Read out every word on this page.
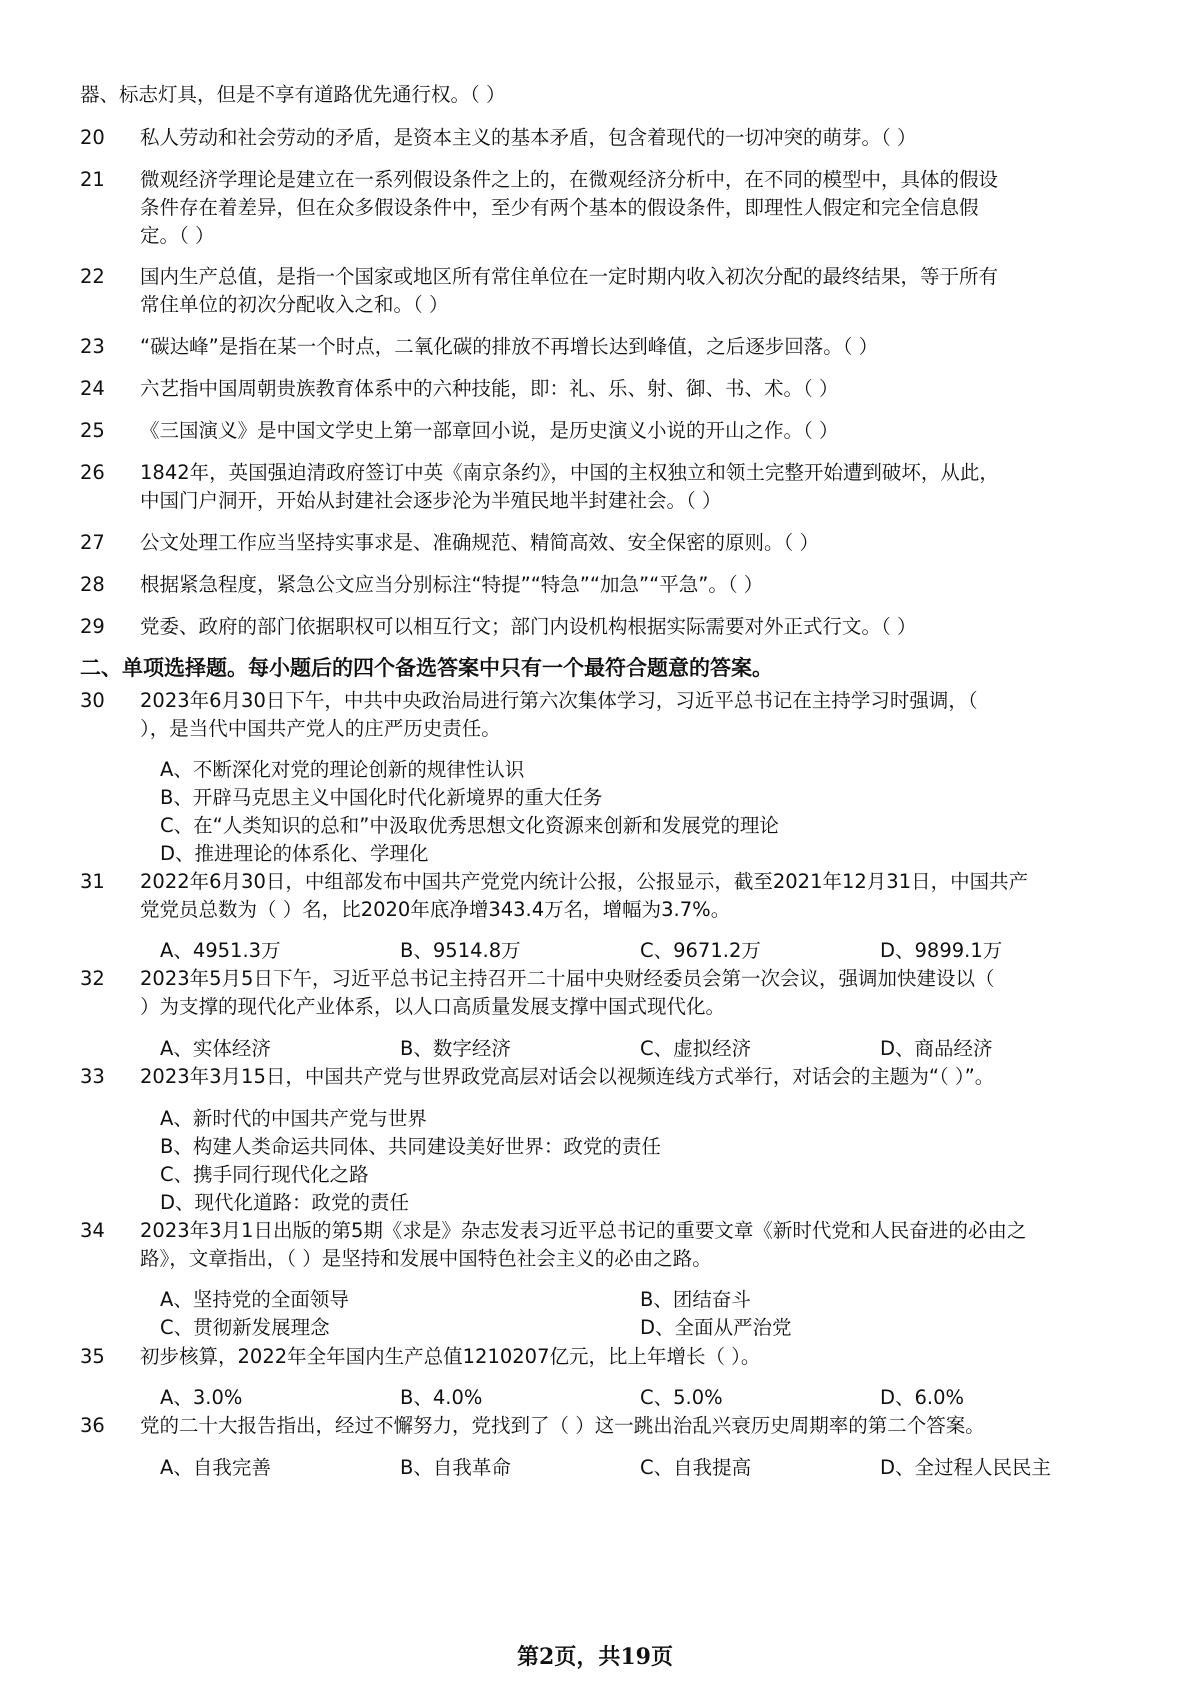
器、标志灯具，但是不享有道路优先通行权。（ ）
20 私人劳动和社会劳动的矛盾，是资本主义的基本矛盾，包含着现代的一切冲突的萌芽。（ ）
21 微观经济学理论是建立在一系列假设条件之上的，在微观经济分析中，在不同的模型中，具体的假设
条件存在着差异，但在众多假设条件中，至少有两个基本的假设条件，即理性人假定和完全信息假
定。（ ）
22 国内生产总值，是指一个国家或地区所有常住单位在一定时期内收入初次分配的最终结果，等于所有
常住单位的初次分配收入之和。（ ）
23 “碳达峰”是指在某一个时点，二氧化碳的排放不再增长达到峰值，之后逐步回落。（ ）
24 六艺指中国周朝贵族教育体系中的六种技能，即：礼、乐、射、御、书、术。（ ）
25 《三国演义》是中国文学史上第一部章回小说，是历史演义小说的开山之作。（ ）
26 1842年，英国强迫清政府签订中英《南京条约》，中国的主权独立和领土完整开始遭到破坏，从此，
中国门户洞开，开始从封建社会逐步沦为半殖民地半封建社会。（ ）
27 公文处理工作应当坚持实事求是、准确规范、精简高效、安全保密的原则。（ ）
28 根据紧急程度，紧急公文应当分别标注“特提”“特急”“加急”“平急”。（ ）
29 党委、政府的部门依据职权可以相互行文；部门内设机构根据实际需要对外正式行文。（ ）
二、单项选择题。每小题后的四个备选答案中只有一个最符合题意的答案。
30 2023年6月30日下午，中共中央政治局进行第六次集体学习，习近平总书记在主持学习时强调，（
），是当代中国共产党人的庄严历史责任。
A、不断深化对党的理论创新的规律性认识
B、开辟马克思主义中国化时代化新境界的重大任务
C、在“人类知识的总和”中汲取优秀思想文化资源来创新和发展党的理论
D、推进理论的体系化、学理化
31 2022年6月30日，中组部发布中国共产党党内统计公报，公报显示，截至2021年12月31日，中国共产
党党员总数为（ ）名，比2020年底净增343.4万名，增幅为3.7%。
A、4951.3万	B、9514.8万	C、9671.2万	D、9899.1万
32 2023年5月5日下午，习近平总书记主持召开二十届中央财经委员会第一次会议，强调加快建设以（
）为支撑的现代化产业体系，以人口高质量发展支撑中国式现代化。
A、实体经济	B、数字经济	C、虚拟经济	D、商品经济
33 2023年3月15日，中国共产党与世界政党高层对话会以视频连线方式举行，对话会的主题为“（ ）”。
A、新时代的中国共产党与世界
B、构建人类命运共同体、共同建设美好世界：政党的责任
C、携手同行现代化之路
D、现代化道路：政党的责任
34 2023年3月1日出版的第5期《求是》杂志发表习近平总书记的重要文章《新时代党和人民奋进的必由之
路》，文章指出，（ ）是坚持和发展中国特色社会主义的必由之路。
A、坚持党的全面领导	B、团结奋斗
C、贯彻新发展理念	D、全面从严治党
35 初步核算，2022年全年国内生产总值1210207亿元，比上年增长（ ）。
A、3.0%	B、4.0%	C、5.0%	D、6.0%
36 党的二十大报告指出，经过不懈努力，党找到了（ ）这一跳出治乱兴衰历史周期率的第二个答案。
A、自我完善	B、自我革命	C、自我提高	D、全过程人民民主
第2页，共19页
